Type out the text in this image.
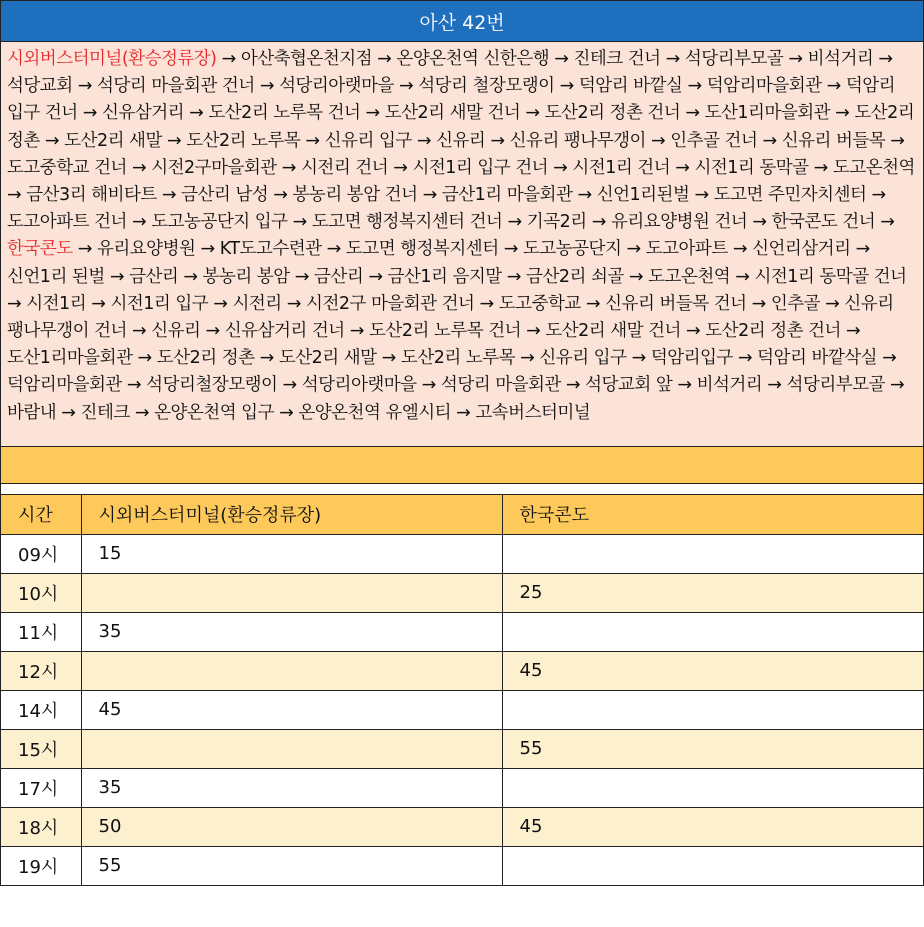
아산 42번
시외버스터미널(환승정류장) → 아산축협온천지점 → 온양온천역 신한은행 → 진테크 건너 → 석당리부모골 → 비석거리 → 석당교회 → 석당리 마을회관 건너 → 석당리아랫마을 → 석당리 철장모랭이 → 덕암리 바깥실 → 덕암리마을회관 → 덕암리 입구 건너 → 신유삼거리 → 도산2리 노루목 건너 → 도산2리 새말 건너 → 도산2리 정촌 건너 → 도산1리마을회관 → 도산2리 정촌 → 도산2리 새말 → 도산2리 노루목 → 신유리 입구 → 신유리 → 신유리 팽나무갱이 → 인추골 건너 → 신유리 버들목 → 도고중학교 건너 → 시전2구마을회관 → 시전리 건너 → 시전1리 입구 건너 → 시전1리 건너 → 시전1리 동막골 → 도고온천역 → 금산3리 해비타트 → 금산리 남성 → 봉농리 봉암 건너 → 금산1리 마을회관 → 신언1리된벌 → 도고면 주민자치센터 → 도고아파트 건너 → 도고농공단지 입구 → 도고면 행정복지센터 건너 → 기곡2리 → 유리요양병원 건너 → 한국콘도 건너 → 한국콘도 → 유리요양병원 → KT도고수련관 → 도고면 행정복지센터 → 도고농공단지 → 도고아파트 → 신언리삼거리 → 신언1리 된벌 → 금산리 → 봉농리 봉암 → 금산리 → 금산1리 음지말 → 금산2리 쇠골 → 도고온천역 → 시전1리 동막골 건너 → 시전1리 → 시전1리 입구 → 시전리 → 시전2구 마을회관 건너 → 도고중학교 → 신유리 버들목 건너 → 인추골 → 신유리 팽나무갱이 건너 → 신유리 → 신유삼거리 건너 → 도산2리 노루목 건너 → 도산2리 새말 건너 → 도산2리 정촌 건너 → 도산1리마을회관 → 도산2리 정촌 → 도산2리 새말 → 도산2리 노루목 → 신유리 입구 → 덕암리입구 → 덕암리 바깥삭실 → 덕암리마을회관 → 석당리철장모랭이 → 석당리아랫마을 → 석당리 마을회관 → 석당교회 앞 → 비석거리 → 석당리부모골 → 바람내 → 진테크 → 온양온천역 입구 → 온양온천역 유엘시티 → 고속버스터미널
시간	시외버스터미널(환승정류장)	한국콘도
09시	15	
10시		25
11시	35	
12시		45
14시	45	
15시		55
17시	35	
18시	50	45
19시	55	
